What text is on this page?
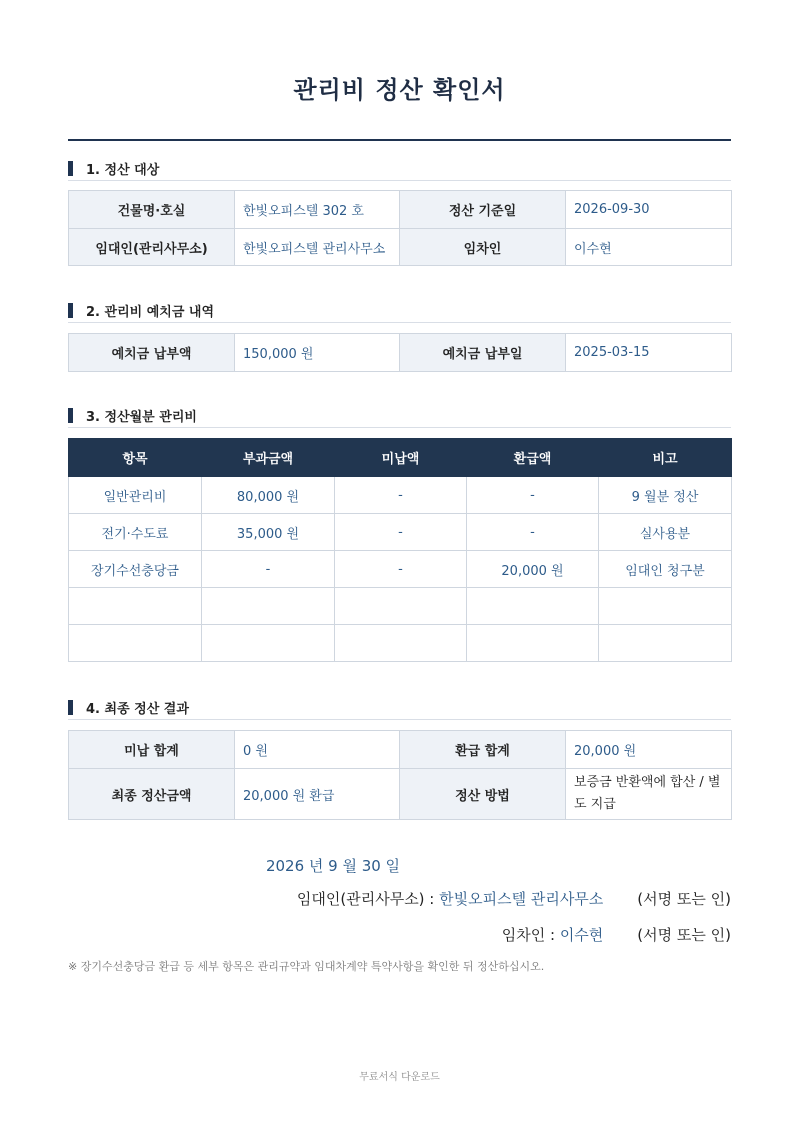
관리비 정산 확인서
1. 정산 대상
건물명·호실	한빛오피스텔 302 호	정산 기준일	2026-09-30
임대인(관리사무소)	한빛오피스텔 관리사무소	임차인	이수현
2. 관리비 예치금 내역
예치금 납부액	150,000 원	예치금 납부일	2025-03-15
3. 정산월분 관리비
항목	부과금액	미납액	환급액	비고
일반관리비	80,000 원	-	-	9 월분 정산
전기·수도료	35,000 원	-	-	실사용분
장기수선충당금	-	-	20,000 원	임대인 청구분

4. 최종 정산 결과
미납 합계	0 원	환급 합계	20,000 원
최종 정산금액	20,000 원 환급	정산 방법	보증금 반환액에 합산 / 별도 지급
2026 년 9 월 30 일
임대인(관리사무소) : 한빛오피스텔 관리사무소 (서명 또는 인)
임차인 : 이수현 (서명 또는 인)
※ 장기수선충당금 환급 등 세부 항목은 관리규약과 임대차계약 특약사항을 확인한 뒤 정산하십시오.
무료서식 다운로드
